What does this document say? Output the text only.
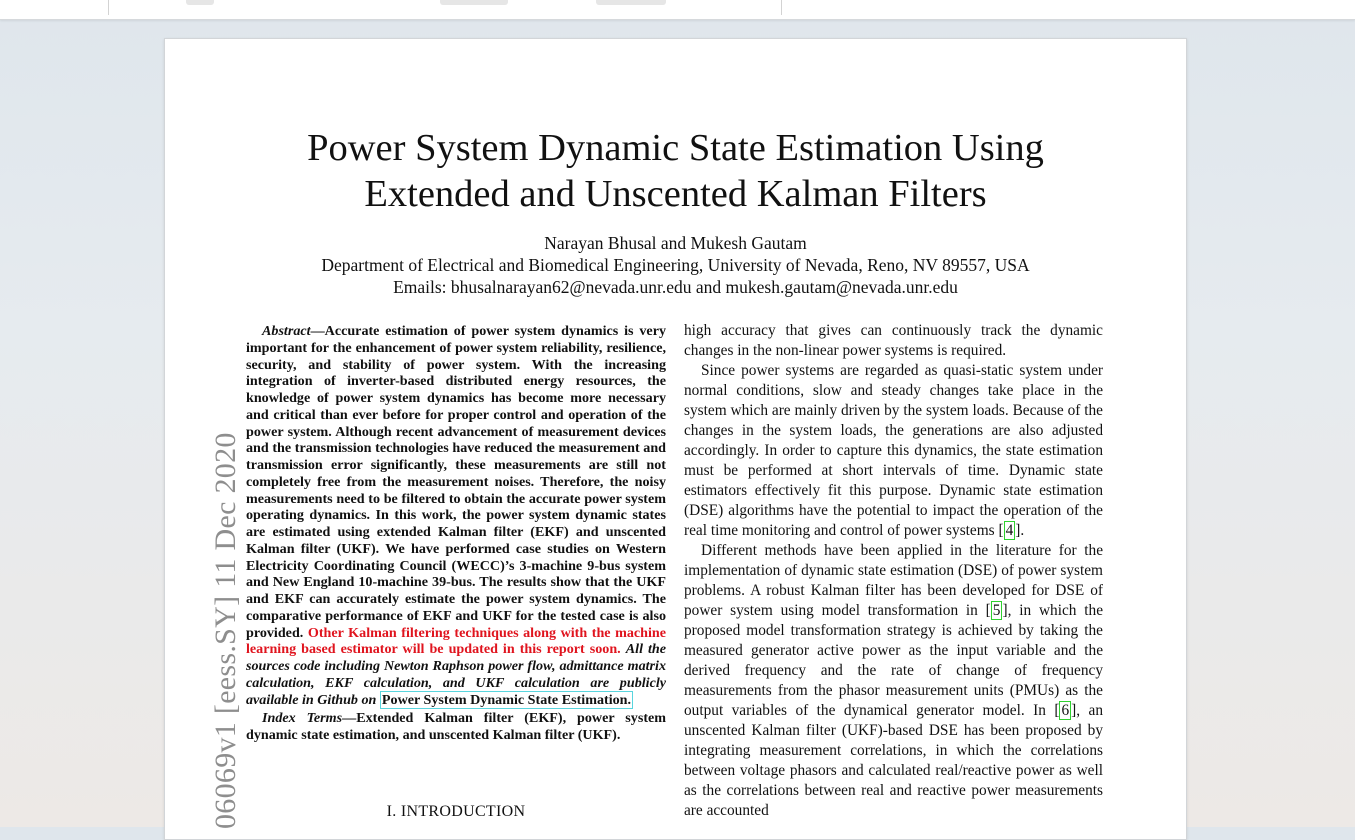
06069v1 [eess.SY] 11 Dec 2020
Power System Dynamic State Estimation Using
Extended and Unscented Kalman Filters
Narayan Bhusal and Mukesh Gautam
Department of Electrical and Biomedical Engineering, University of Nevada, Reno, NV 89557, USA
Emails: bhusalnarayan62@nevada.unr.edu and mukesh.gautam@nevada.unr.edu

Abstract—Accurate estimation of power system dynamics is very important for the enhancement of power system reliability, resilience, security, and stability of power system. With the increasing integration of inverter-based distributed energy resources, the knowledge of power system dynamics has become more necessary and critical than ever before for proper control and operation of the power system. Although recent advancement of measurement devices and the transmission technologies have reduced the measurement and transmission error significantly, these measurements are still not completely free from the measurement noises. Therefore, the noisy measurements need to be filtered to obtain the accurate power system operating dynamics. In this work, the power system dynamic states are estimated using extended Kalman filter (EKF) and unscented Kalman filter (UKF). We have performed case studies on Western Electricity Coordinating Council (WECC)’s 3-machine 9-bus system and New England 10-machine 39-bus. The results show that the UKF and EKF can accurately estimate the power system dynamics. The comparative performance of EKF and UKF for the tested case is also provided. Other Kalman filtering techniques along with the machine learning based estimator will be updated in this report soon. All the sources code including Newton Raphson power flow, admittance matrix calculation, EKF calculation, and UKF calculation are publicly available in Github on Power System Dynamic State Estimation.

Index Terms—Extended Kalman filter (EKF), power system dynamic state estimation, and unscented Kalman filter (UKF).

I. INTRODUCTION

high accuracy that gives can continuously track the dynamic changes in the non-linear power systems is required.

Since power systems are regarded as quasi-static system under normal conditions, slow and steady changes take place in the system which are mainly driven by the system loads. Because of the changes in the system loads, the generations are also adjusted accordingly. In order to capture this dynamics, the state estimation must be performed at short intervals of time. Dynamic state estimators effectively fit this purpose. Dynamic state estimation (DSE) algorithms have the potential to impact the operation of the real time monitoring and control of power systems [ 4 ].

Different methods have been applied in the literature for the implementation of dynamic state estimation (DSE) of power system problems. A robust Kalman filter has been developed for DSE of power system using model transformation in [ 5 ], in which the proposed model transformation strategy is achieved by taking the measured generator active power as the input variable and the derived frequency and the rate of change of frequency measurements from the phasor measurement units (PMUs) as the output variables of the dynamical generator model. In [ 6 ], an unscented Kalman filter (UKF)-based DSE has been proposed by integrating measurement correlations, in which the correlations between voltage phasors and calculated real/reactive power as well as the correlations between real and reactive power measurements are accounted
